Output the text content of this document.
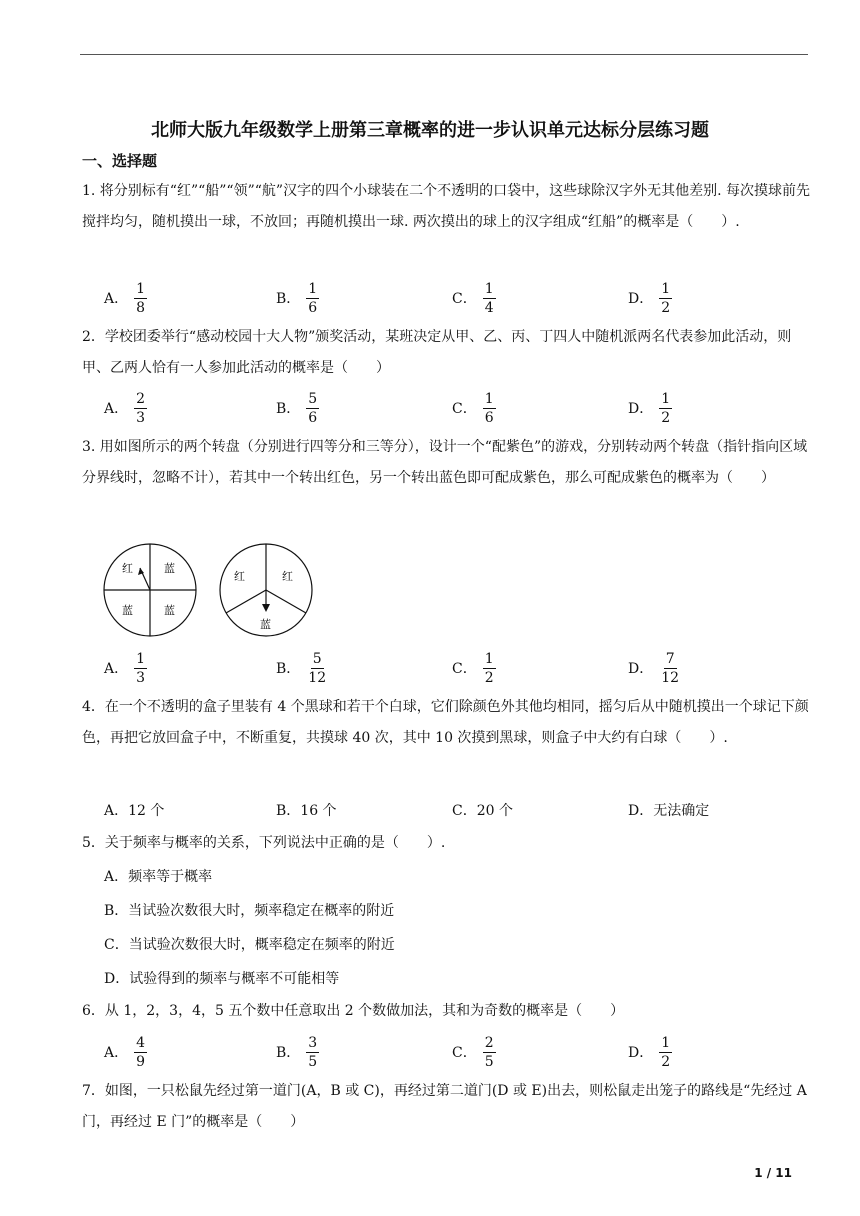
北师大版九年级数学上册第三章概率的进一步认识单元达标分层练习题
一、选择题

1. 将分别标有“红”“船”“领”“航”汉字的四个小球装在二个不透明的口袋中，这些球除汉字外无其他差别. 每次摸球前先搅拌均匀，随机摸出一球，不放回；再随机摸出一球. 两次摸出的球上的汉字组成“红船”的概率是（　　）.

A． $\frac{1}{8}$	B． $\frac{1}{6}$	C． $\frac{1}{4}$	D． $\frac{1}{2}$

2．学校团委举行“感动校园十大人物”颁奖活动，某班决定从甲、乙、丙、丁四人中随机派两名代表参加此活动，则甲、乙两人恰有一人参加此活动的概率是（　　）

A． $\frac{2}{3}$	B． $\frac{5}{6}$	C． $\frac{1}{6}$	D． $\frac{1}{2}$

3. 用如图所示的两个转盘（分别进行四等分和三等分），设计一个“配紫色”的游戏，分别转动两个转盘（指针指向区域分界线时，忽略不计），若其中一个转出红色，另一个转出蓝色即可配成紫色，那么可配成紫色的概率为（　　）

红	蓝
蓝	蓝
红	红
蓝
A． $\frac{1}{3}$	B． $\frac{5}{12}$	C． $\frac{1}{2}$	D． $\frac{7}{12}$

4．在一个不透明的盒子里装有 4 个黑球和若干个白球，它们除颜色外其他均相同，摇匀后从中随机摸出一个球记下颜色，再把它放回盒子中，不断重复，共摸球 40 次，其中 10 次摸到黑球，则盒子中大约有白球（　　）.

A． 12 个	B． 16 个	C． 20 个	D． 无法确定

5．关于频率与概率的关系，下列说法中正确的是（　　）.

A．频率等于概率
B．当试验次数很大时，频率稳定在概率的附近
C．当试验次数很大时，概率稳定在频率的附近
D．试验得到的频率与概率不可能相等

6．从 1，2，3，4，5 五个数中任意取出 2 个数做加法，其和为奇数的概率是（　　）

A． $\frac{4}{9}$	B． $\frac{3}{5}$	C． $\frac{2}{5}$	D． $\frac{1}{2}$

7．如图，一只松鼠先经过第一道门(A，B 或 C)，再经过第二道门(D 或 E)出去，则松鼠走出笼子的路线是“先经过 A 门，再经过 E 门”的概率是（　　）

1 / 11
